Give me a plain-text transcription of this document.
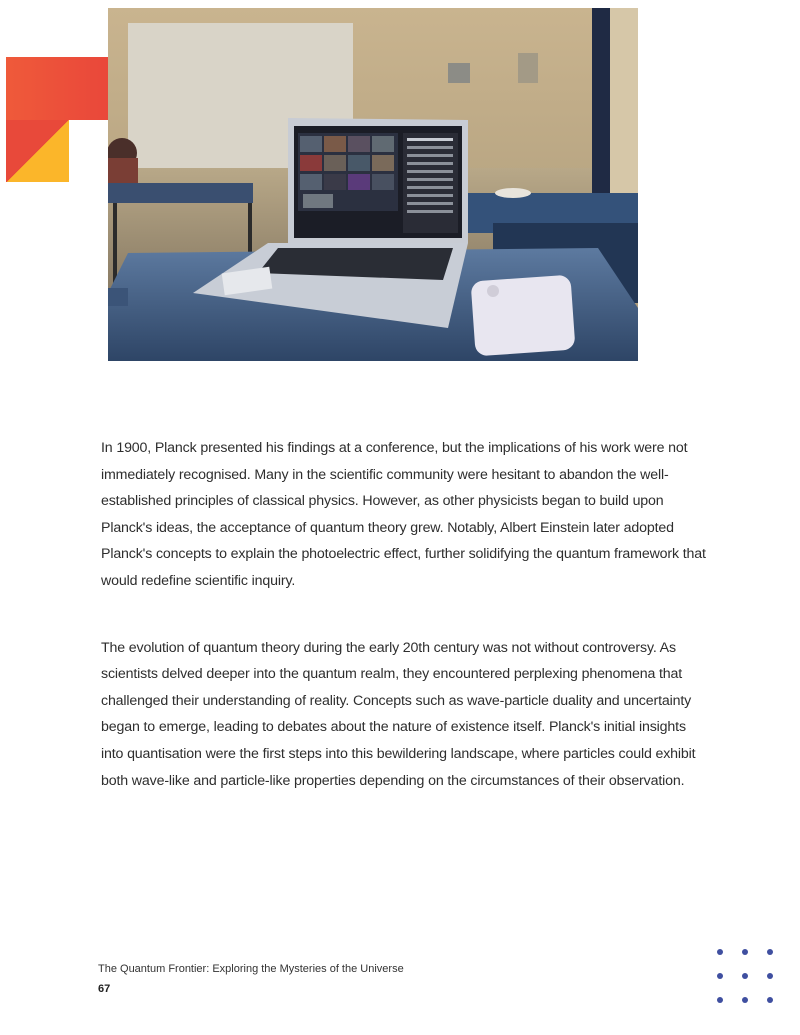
In 1900, Planck presented his findings at a conference, but the implications of his work were not immediately recognised. Many in the scientific community were hesitant to abandon the well-established principles of classical physics. However, as other physicists began to build upon Planck's ideas, the acceptance of quantum theory grew. Notably, Albert Einstein later adopted Planck's concepts to explain the photoelectric effect, further solidifying the quantum framework that would redefine scientific inquiry.

The evolution of quantum theory during the early 20th century was not without controversy. As scientists delved deeper into the quantum realm, they encountered perplexing phenomena that challenged their understanding of reality. Concepts such as wave-particle duality and uncertainty began to emerge, leading to debates about the nature of existence itself. Planck's initial insights into quantisation were the first steps into this bewildering landscape, where particles could exhibit both wave-like and particle-like properties depending on the circumstances of their observation.

The Quantum Frontier: Exploring the Mysteries of the Universe
67
